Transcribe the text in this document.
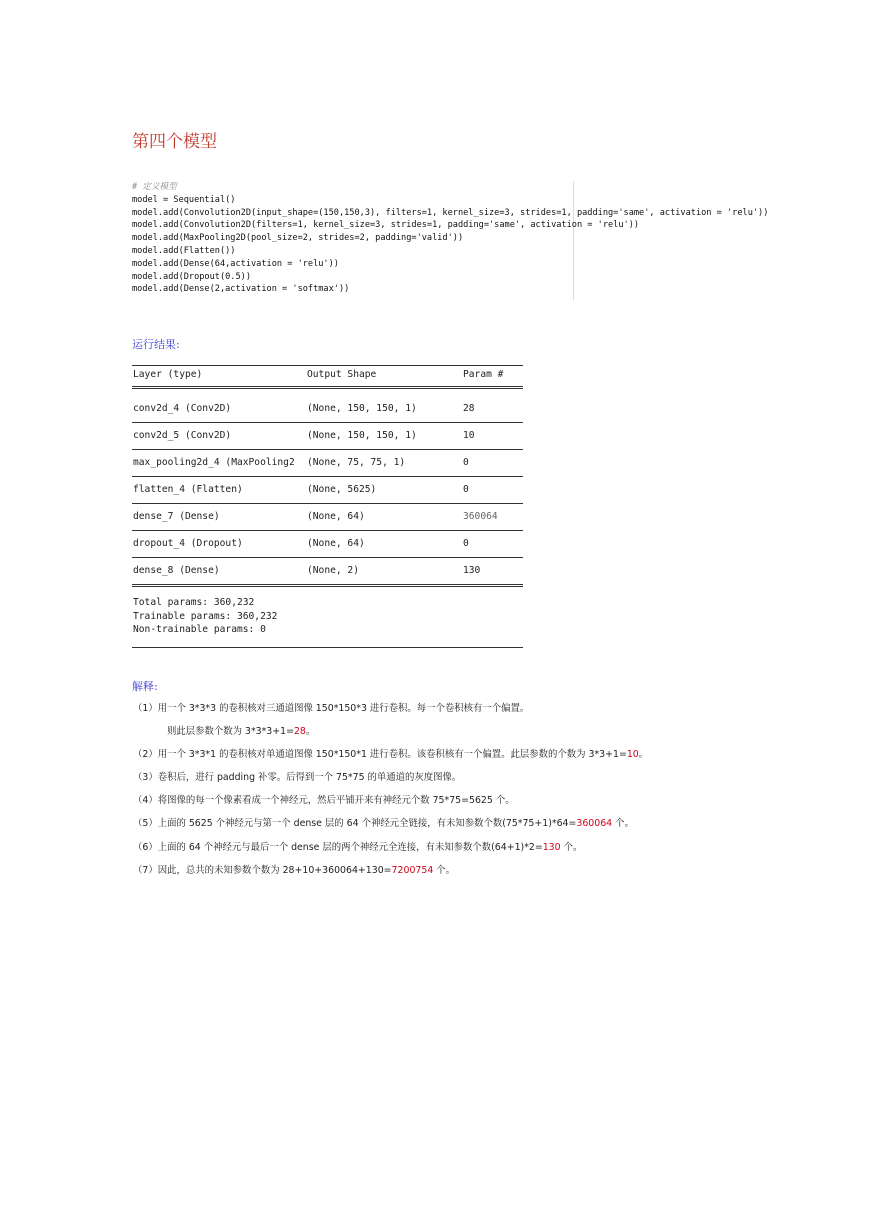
第四个模型
# 定义模型
model = Sequential()
model.add(Convolution2D(input_shape=(150,150,3), filters=1, kernel_size=3, strides=1, padding='same', activation = 'relu'))
model.add(Convolution2D(filters=1, kernel_size=3, strides=1, padding='same', activation = 'relu'))
model.add(MaxPooling2D(pool_size=2, strides=2, padding='valid'))
model.add(Flatten())
model.add(Dense(64,activation = 'relu'))
model.add(Dropout(0.5))
model.add(Dense(2,activation = 'softmax'))
运行结果:
Layer (type)	Output Shape	Param #
conv2d_4 (Conv2D)	(None, 150, 150, 1)	28
conv2d_5 (Conv2D)	(None, 150, 150, 1)	10
max_pooling2d_4 (MaxPooling2 (None, 75, 75, 1)	0
flatten_4 (Flatten)	(None, 5625)	0
dense_7 (Dense)	(None, 64)	360064
dropout_4 (Dropout)	(None, 64)	0
dense_8 (Dense)	(None, 2)	130
Total params: 360,232
Trainable params: 360,232
Non-trainable params: 0
解释:
（1）用一个 3*3*3 的卷积核对三通道图像 150*150*3 进行卷积。每一个卷积核有一个偏置。
则此层参数个数为 3*3*3+1=28。
（2）用一个 3*3*1 的卷积核对单通道图像 150*150*1 进行卷积。该卷积核有一个偏置。此层参数的个数为 3*3+1=10。
（3）卷积后，进行 padding 补零。后得到一个 75*75 的单通道的灰度图像。
（4）将图像的每一个像素看成一个神经元，然后平铺开来有神经元个数 75*75=5625 个。
（5）上面的 5625 个神经元与第一个 dense 层的 64 个神经元全链接，有未知参数个数(75*75+1)*64=360064 个。
（6）上面的 64 个神经元与最后一个 dense 层的两个神经元全连接，有未知参数个数(64+1)*2=130 个。
（7）因此，总共的未知参数个数为 28+10+360064+130=7200754 个。
